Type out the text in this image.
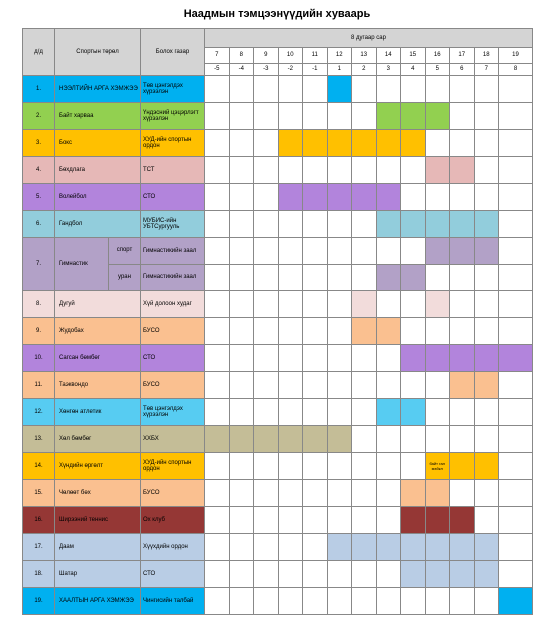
Наадмын тэмцээнүүдийн хуваарь
д/д	Спортын төрөл		Болох газар	8 дугаар сар												
				7	8	9	10	11	12	13	14	15	16	17	18	19
				-5	-4	-3	-2	-1	1	2	3	4	5	6	7	8
1.	НЭЭЛТИЙН АРГА ХЭМЖЭЭ		Төв цэнгэлдэх хүрээлэн													
2.	Байт харваа		Үндэсний цэцэрлэгт хүрээлэн													
3.	Бокс		ХУД-ийн спортын ордон													
4.	Бөхдлага		ТСТ													
5.	Волейбол		СТО													
6.	Гандбол		МУБИС-ийн УБТСургууль													
7.	Гимнастик	спорт	Гимнастикийн заал													
		уран	Гимнастикийн заал													
8.	Дугуй		Хүй долоон худаг													
9.	Жудобах		БУСО													
10.	Сагсан бөмбөг		СТО													
11.	Таэквондо		БУСО													
12.	Хөнгөн атлетик		Төв цэнгэлдэх хүрээлэн													
13.	Хөл бөмбөг		ХХБХ													
14.	Хүндийн өргөлт		ХУД-ийн спортын ордон										байт гал мэйкл			

15.	Чөлөөт бөх		БУСО													
16.	Ширээний теннис		Ох клуб													
17.	Даам		Хүүхдийн ордон													
18.	Шатар		СТО													
19.	ХААЛТЫН АРГА ХЭМЖЭЭ		Чингисийн талбай													
